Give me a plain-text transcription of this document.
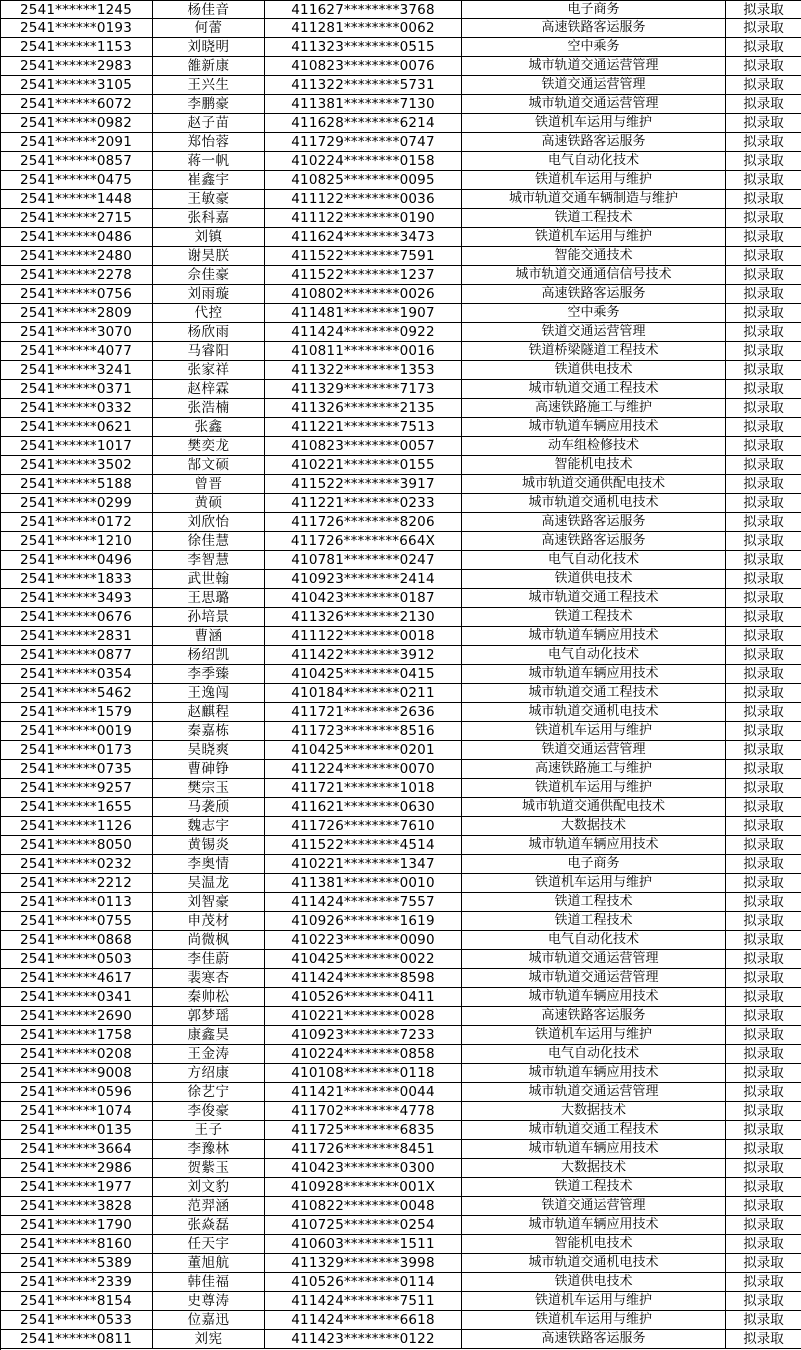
2541******1245	杨佳音	411627********3768	电子商务	拟录取
2541******0193	何蕾	411281********0062	高速铁路客运服务	拟录取
2541******1153	刘晓明	411323********0515	空中乘务	拟录取
2541******2983	雒新康	410823********0076	城市轨道交通运营管理	拟录取
2541******3105	王兴生	411322********5731	铁道交通运营管理	拟录取
2541******6072	李鹏豪	411381********7130	城市轨道交通运营管理	拟录取
2541******0982	赵子苗	411628********6214	铁道机车运用与维护	拟录取
2541******2091	郑怡蓉	411729********0747	高速铁路客运服务	拟录取
2541******0857	蒋一帆	410224********0158	电气自动化技术	拟录取
2541******0475	崔鑫宇	410825********0095	铁道机车运用与维护	拟录取
2541******1448	王敏豪	411122********0036	城市轨道交通车辆制造与维护	拟录取
2541******2715	张科嘉	411122********0190	铁道工程技术	拟录取
2541******0486	刘镇	411624********3473	铁道机车运用与维护	拟录取
2541******2480	谢昊朕	411522********7591	智能交通技术	拟录取
2541******2278	佘佳豪	411522********1237	城市轨道交通通信信号技术	拟录取
2541******0756	刘雨璇	410802********0026	高速铁路客运服务	拟录取
2541******2809	代控	411481********1907	空中乘务	拟录取
2541******3070	杨欣雨	411424********0922	铁道交通运营管理	拟录取
2541******4077	马睿阳	410811********0016	铁道桥梁隧道工程技术	拟录取
2541******3241	张家祥	411322********1353	铁道供电技术	拟录取
2541******0371	赵梓霖	411329********7173	城市轨道交通工程技术	拟录取
2541******0332	张浩楠	411326********2135	高速铁路施工与维护	拟录取
2541******0621	张鑫	411221********7513	城市轨道车辆应用技术	拟录取
2541******1017	樊奕龙	410823********0057	动车组检修技术	拟录取
2541******3502	郜文硕	410221********0155	智能机电技术	拟录取
2541******5188	曾晋	411522********3917	城市轨道交通供配电技术	拟录取
2541******0299	黄硕	411221********0233	城市轨道交通机电技术	拟录取
2541******0172	刘欣怡	411726********8206	高速铁路客运服务	拟录取
2541******1210	徐佳慧	411726********664X	高速铁路客运服务	拟录取
2541******0496	李智慧	410781********0247	电气自动化技术	拟录取
2541******1833	武世翰	410923********2414	铁道供电技术	拟录取
2541******3493	王思璐	410423********0187	城市轨道交通工程技术	拟录取
2541******0676	孙培景	411326********2130	铁道工程技术	拟录取
2541******2831	曹涵	411122********0018	城市轨道车辆应用技术	拟录取
2541******0877	杨绍凯	411422********3912	电气自动化技术	拟录取
2541******0354	李季臻	410425********0415	城市轨道车辆应用技术	拟录取
2541******5462	王逸闯	410184********0211	城市轨道交通工程技术	拟录取
2541******1579	赵麒程	411721********2636	城市轨道交通机电技术	拟录取
2541******0019	秦嘉栋	411723********8516	铁道机车运用与维护	拟录取
2541******0173	吴晓爽	410425********0201	铁道交通运营管理	拟录取
2541******0735	曹砷铮	411224********0070	高速铁路施工与维护	拟录取
2541******9257	樊宗玉	411721********1018	铁道机车运用与维护	拟录取
2541******1655	马袭颀	411621********0630	城市轨道交通供配电技术	拟录取
2541******1126	魏志宇	411726********7610	大数据技术	拟录取
2541******8050	黄锡炎	411522********4514	城市轨道车辆应用技术	拟录取
2541******0232	李奥情	410221********1347	电子商务	拟录取
2541******2212	吴温龙	411381********0010	铁道机车运用与维护	拟录取
2541******0113	刘智豪	411424********7557	铁道工程技术	拟录取
2541******0755	申茂材	410926********1619	铁道工程技术	拟录取
2541******0868	尚微枫	410223********0090	电气自动化技术	拟录取
2541******0503	李佳蔚	410425********0022	城市轨道交通运营管理	拟录取
2541******4617	裴寒杏	411424********8598	城市轨道交通运营管理	拟录取
2541******0341	秦帅松	410526********0411	城市轨道车辆应用技术	拟录取
2541******2690	郭梦瑶	410221********0028	高速铁路客运服务	拟录取
2541******1758	康鑫昊	410923********7233	铁道机车运用与维护	拟录取
2541******0208	王金涛	410224********0858	电气自动化技术	拟录取
2541******9008	方绍康	410108********0118	城市轨道车辆应用技术	拟录取
2541******0596	徐艺宁	411421********0044	城市轨道交通运营管理	拟录取
2541******1074	李俊豪	411702********4778	大数据技术	拟录取
2541******0135	王子	411725********6835	城市轨道交通工程技术	拟录取
2541******3664	李豫林	411726********8451	城市轨道车辆应用技术	拟录取
2541******2986	贺紫玉	410423********0300	大数据技术	拟录取
2541******1977	刘文豹	410928********001X	铁道工程技术	拟录取
2541******3828	范羿涵	410822********0048	铁道交通运营管理	拟录取
2541******1790	张焱磊	410725********0254	城市轨道车辆应用技术	拟录取
2541******8160	任天宇	410603********1511	智能机电技术	拟录取
2541******5389	董旭航	411329********3998	城市轨道交通机电技术	拟录取
2541******2339	韩佳福	410526********0114	铁道供电技术	拟录取
2541******8154	史尊涛	411424********7511	铁道机车运用与维护	拟录取
2541******0533	位嘉迅	411424********6618	铁道机车运用与维护	拟录取
2541******0811	刘宪	411423********0122	高速铁路客运服务	拟录取
